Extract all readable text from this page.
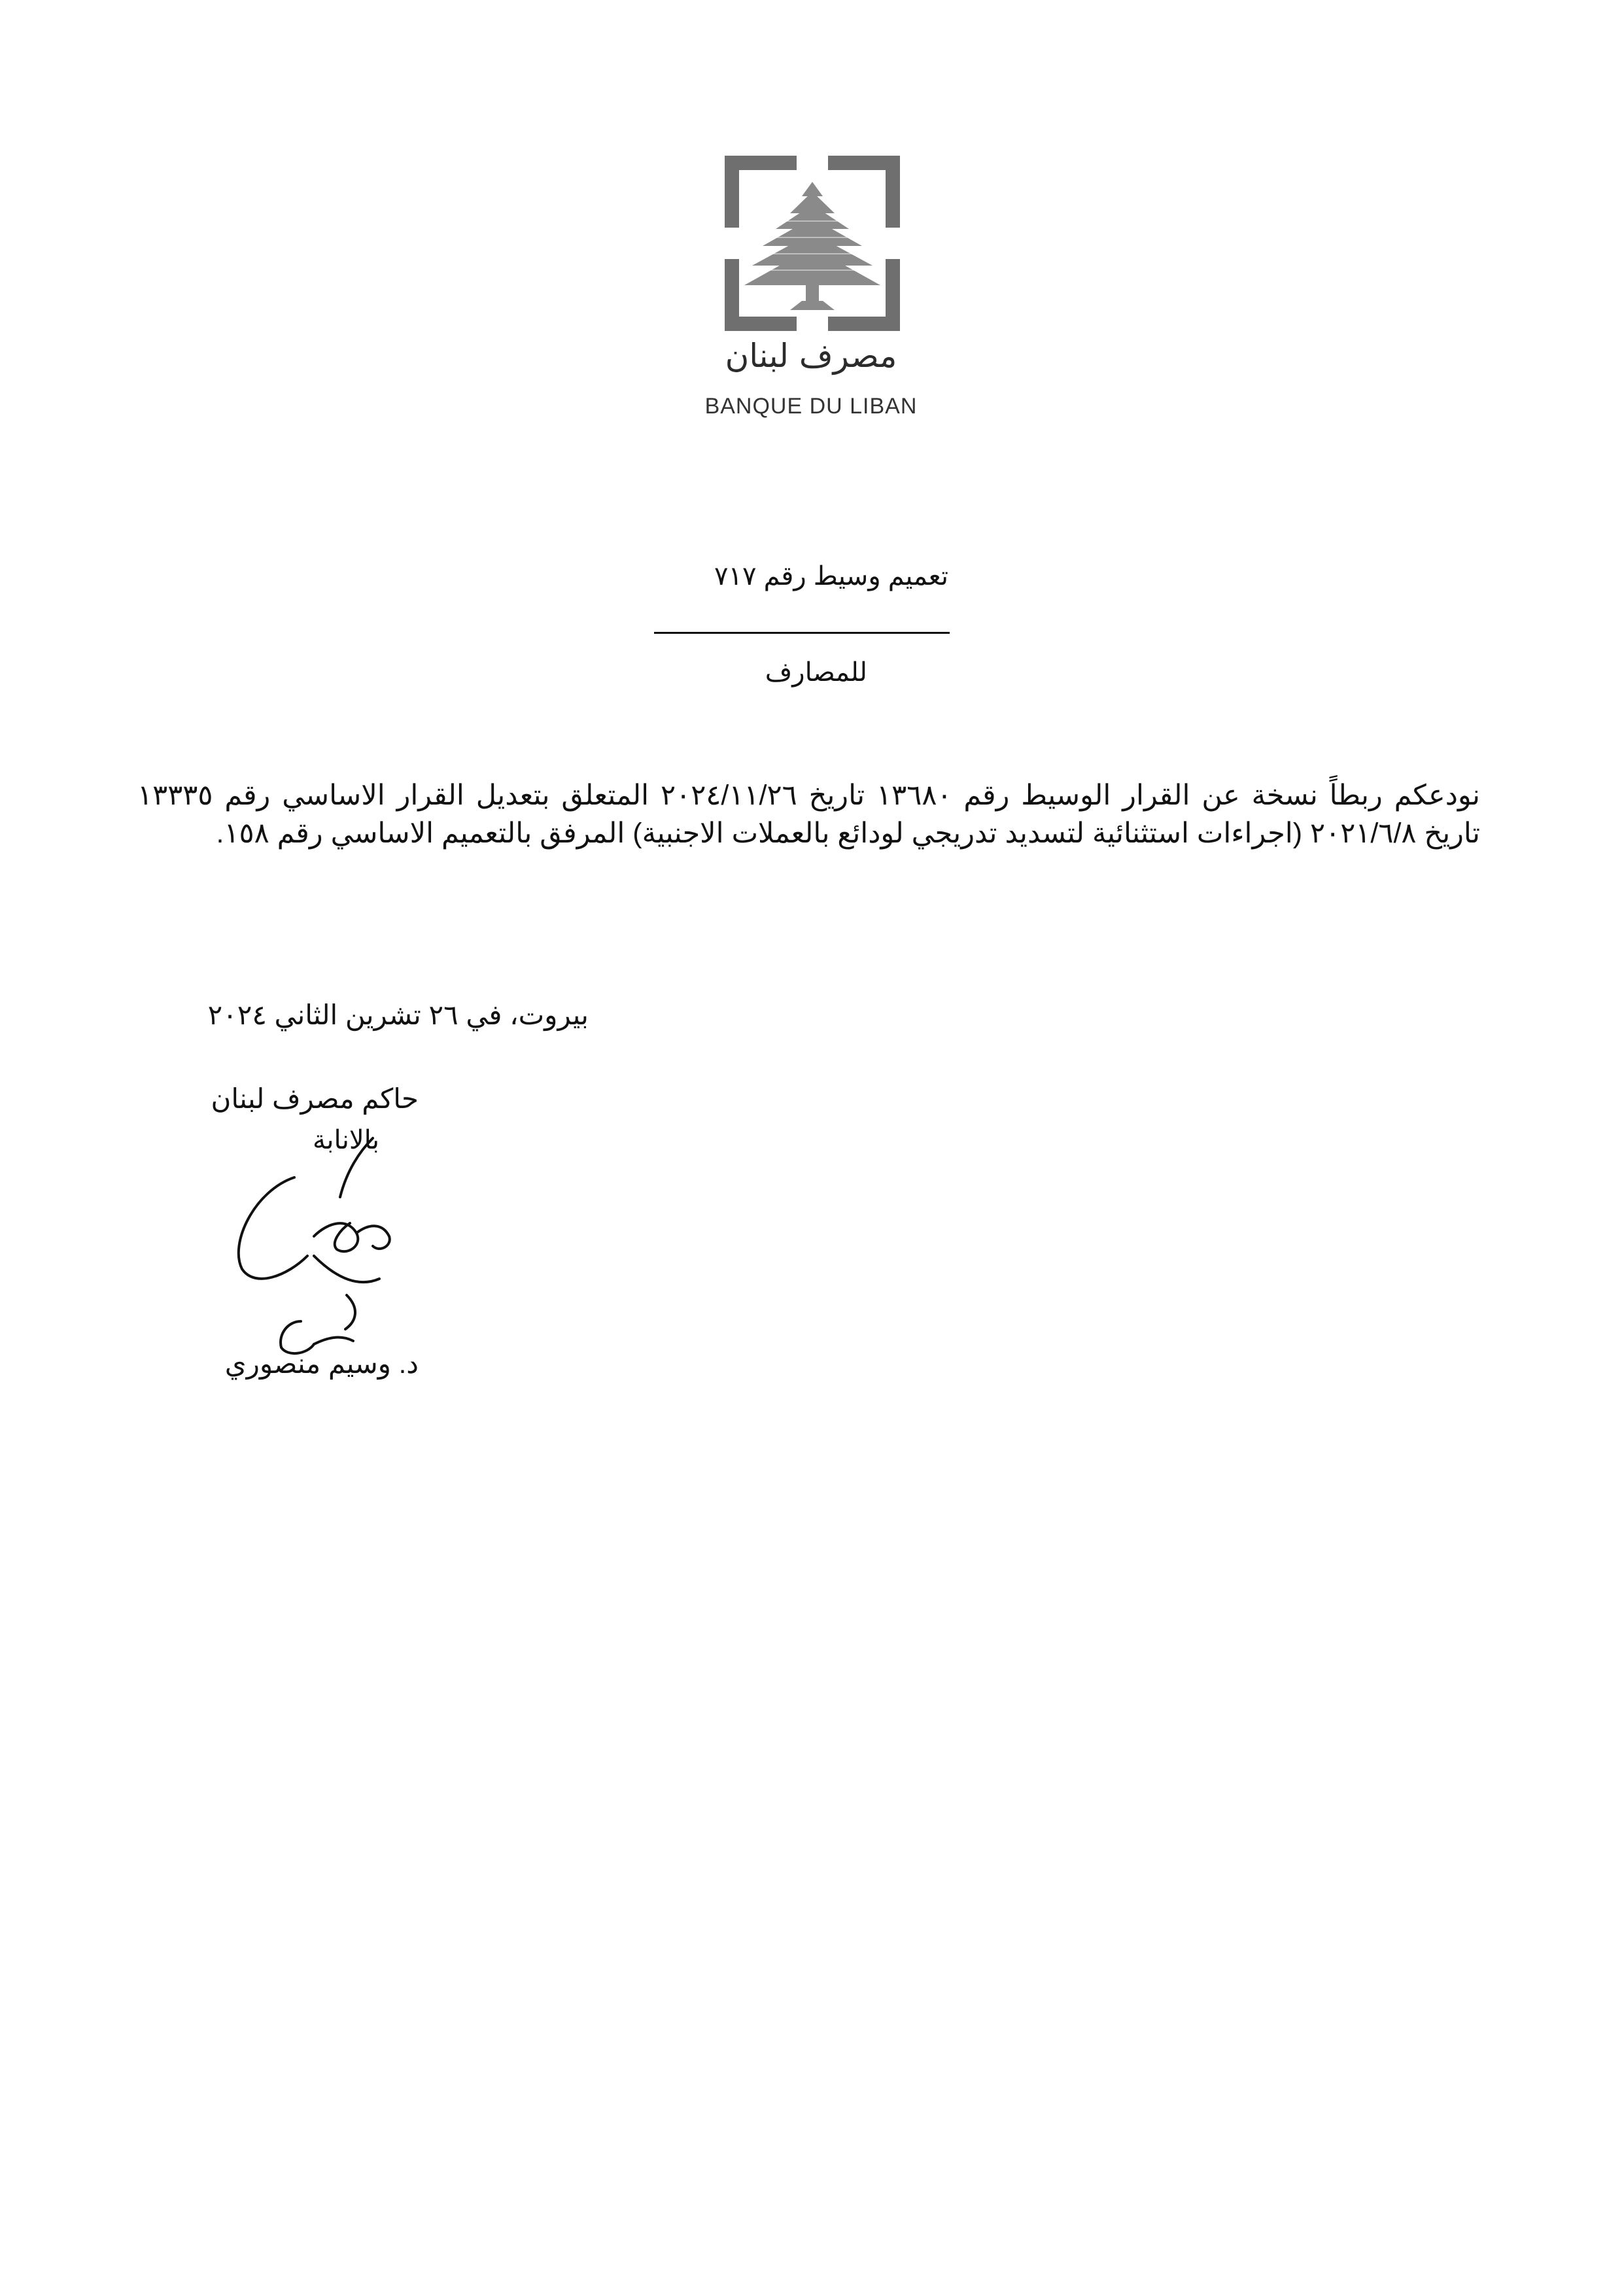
مصرف لبنان
BANQUE DU LIBAN
تعميم وسيط رقم ٧١٧
للمصارف
نودعكم ربطاً نسخة عن القرار الوسيط رقم ١٣٦٨٠ تاريخ ٢٠٢٤/١١/٢٦ المتعلق بتعديل القرار الاساسي رقم ١٣٣٣٥ تاريخ ٢٠٢١/٦/٨ (اجراءات استثنائية لتسديد تدريجي لودائع بالعملات الاجنبية) المرفق بالتعميم الاساسي رقم ١٥٨.
بيروت، في ٢٦ تشرين الثاني ٢٠٢٤
حاكم مصرف لبنان
بالانابة
د. وسيم منصوري
